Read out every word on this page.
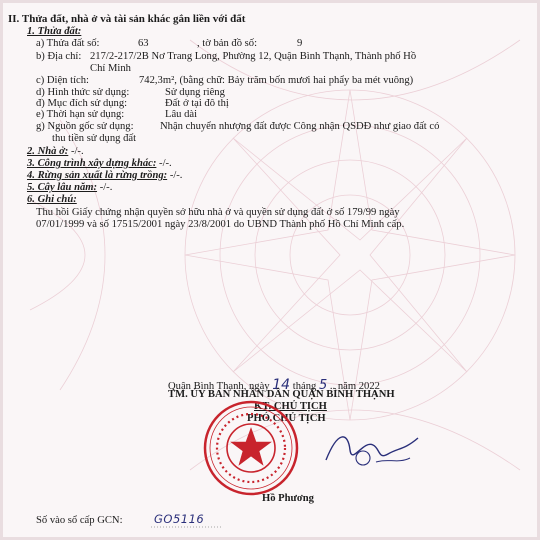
II. Thửa đất, nhà ở và tài sản khác gắn liền với đất
1. Thửa đất:
a) Thửa đất số:	63	, tờ bản đồ số:	9
b) Địa chỉ: 217/2-217/2B Nơ Trang Long, Phường 12, Quận Bình Thạnh, Thành phố Hồ
Chí Minh
c) Diện tích:	742,3m², (bằng chữ: Bảy trăm bốn mươi hai phẩy ba mét vuông)
d) Hình thức sử dụng:	Sử dụng riêng
đ) Mục đích sử dụng:	Đất ở tại đô thị
e) Thời hạn sử dụng:	Lâu dài
g) Nguồn gốc sử dụng: Nhận chuyển nhượng đất được Công nhận QSDĐ như giao đất có
thu tiền sử dụng đất
2. Nhà ở: -/-.
3. Công trình xây dựng khác: -/-.
4. Rừng sản xuất là rừng trồng: -/-.
5. Cây lâu năm: -/-.
6. Ghi chú:
Thu hồi Giấy chứng nhận quyền sở hữu nhà ở và quyền sử dụng đất ở số 179/99 ngày
07/01/1999 và số 17515/2001 ngày 23/8/2001 do UBND Thành phố Hồ Chí Minh cấp.
Quận Bình Thạnh, ngày 14 tháng 5 .. năm 2022
TM. ỦY BAN NHÂN DÂN QUẬN BÌNH THẠNH
KT. CHỦ TỊCH
PHÓ CHỦ TỊCH
Hồ Phương
Số vào sổ cấp GCN:	GO5116
